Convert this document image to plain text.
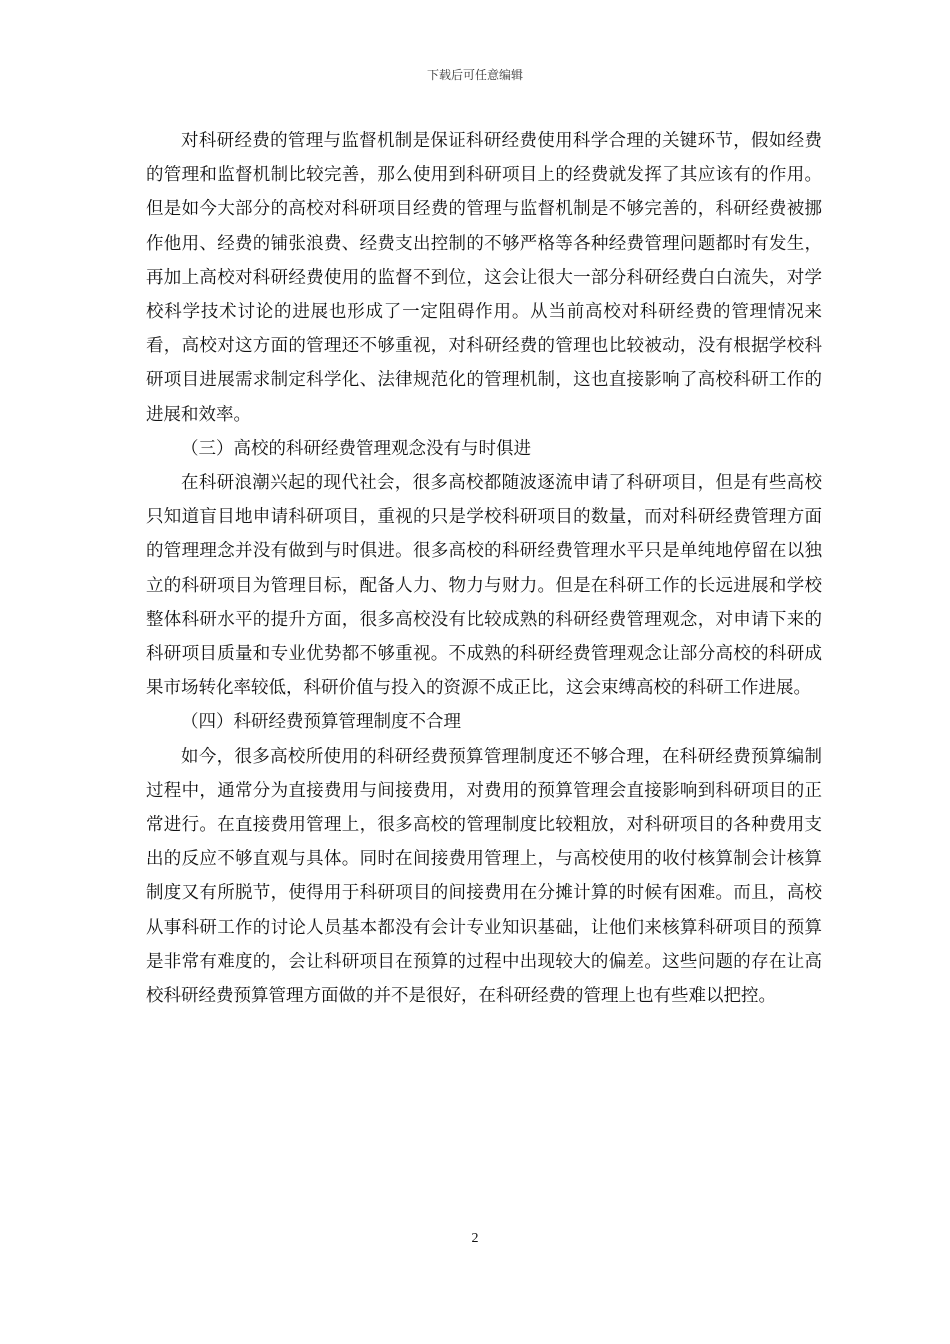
下载后可任意编辑

对科研经费的管理与监督机制是保证科研经费使用科学合理的关键环节，假如经费的管理和监督机制比较完善，那么使用到科研项目上的经费就发挥了其应该有的作用。但是如今大部分的高校对科研项目经费的管理与监督机制是不够完善的，科研经费被挪作他用、经费的铺张浪费、经费支出控制的不够严格等各种经费管理问题都时有发生，再加上高校对科研经费使用的监督不到位，这会让很大一部分科研经费白白流失，对学校科学技术讨论的进展也形成了一定阻碍作用。从当前高校对科研经费的管理情况来看，高校对这方面的管理还不够重视，对科研经费的管理也比较被动，没有根据学校科研项目进展需求制定科学化、法律规范化的管理机制，这也直接影响了高校科研工作的进展和效率。

（三）高校的科研经费管理观念没有与时俱进

在科研浪潮兴起的现代社会，很多高校都随波逐流申请了科研项目，但是有些高校只知道盲目地申请科研项目，重视的只是学校科研项目的数量，而对科研经费管理方面的管理理念并没有做到与时俱进。很多高校的科研经费管理水平只是单纯地停留在以独立的科研项目为管理目标，配备人力、物力与财力。但是在科研工作的长远进展和学校整体科研水平的提升方面，很多高校没有比较成熟的科研经费管理观念，对申请下来的科研项目质量和专业优势都不够重视。不成熟的科研经费管理观念让部分高校的科研成果市场转化率较低，科研价值与投入的资源不成正比，这会束缚高校的科研工作进展。

（四）科研经费预算管理制度不合理

如今，很多高校所使用的科研经费预算管理制度还不够合理，在科研经费预算编制过程中，通常分为直接费用与间接费用，对费用的预算管理会直接影响到科研项目的正常进行。在直接费用管理上，很多高校的管理制度比较粗放，对科研项目的各种费用支出的反应不够直观与具体。同时在间接费用管理上，与高校使用的收付核算制会计核算制度又有所脱节，使得用于科研项目的间接费用在分摊计算的时候有困难。而且，高校从事科研工作的讨论人员基本都没有会计专业知识基础，让他们来核算科研项目的预算是非常有难度的，会让科研项目在预算的过程中出现较大的偏差。这些问题的存在让高校科研经费预算管理方面做的并不是很好，在科研经费的管理上也有些难以把控。

2
